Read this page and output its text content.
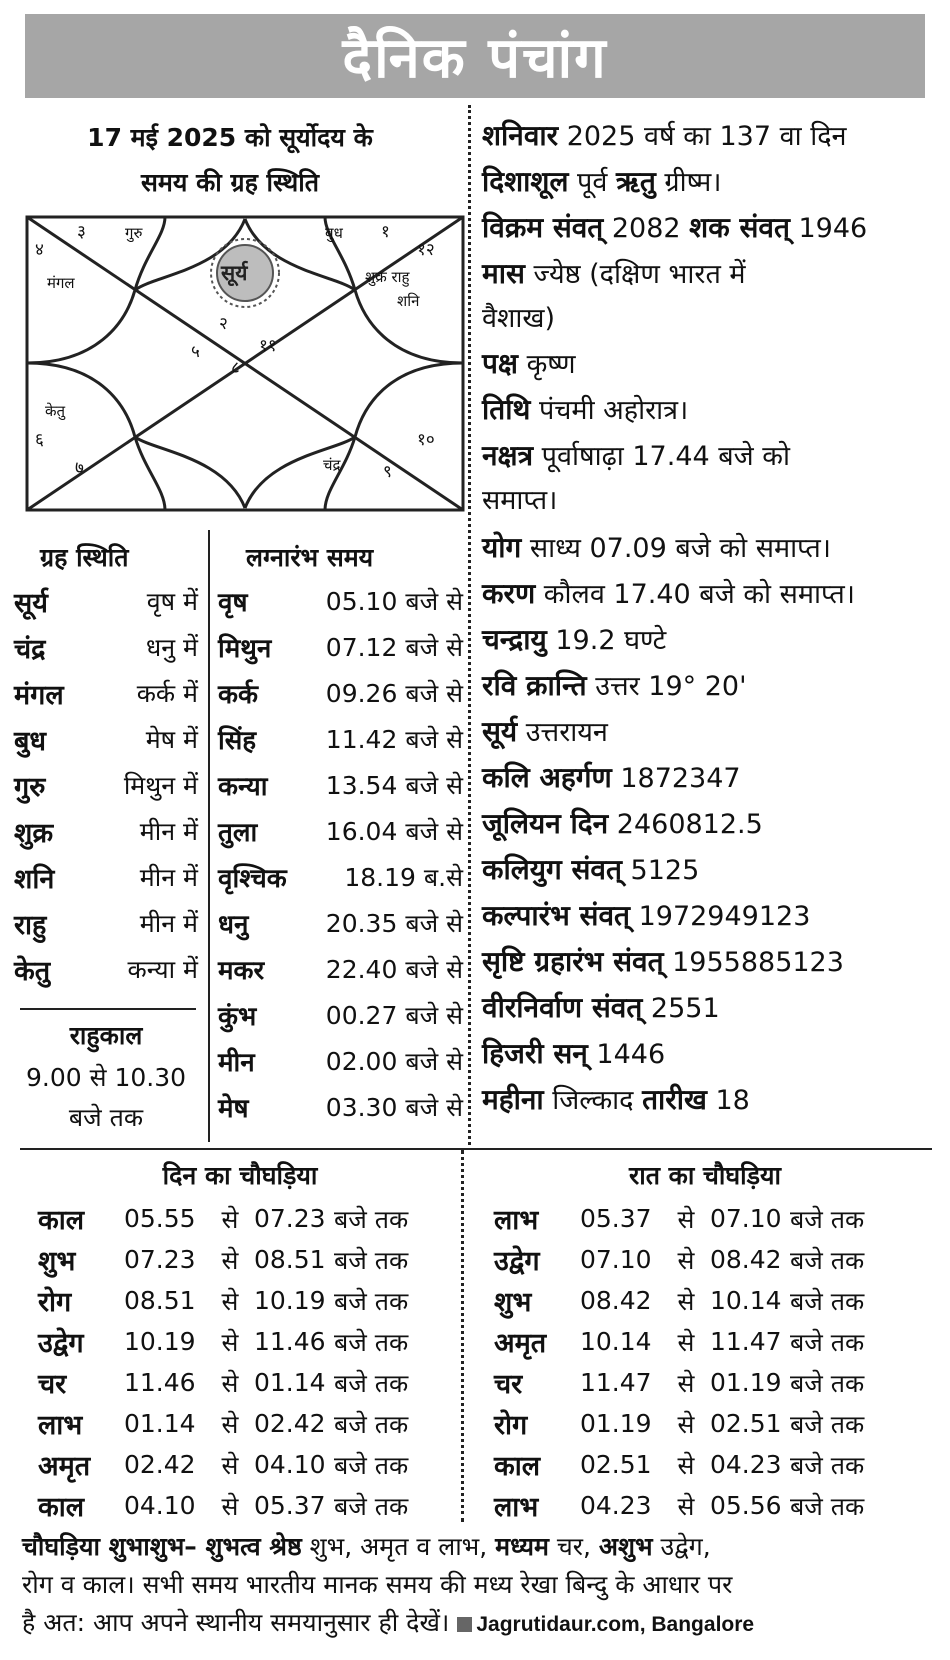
दैनिक पंचांग
17 मई 2025 को सूर्योदय के
समय की ग्रह स्थिति
सूर्य
३	गुरु	बुध १
४	१२
मंगल	शुक्र राहु
शनि
२
५	११
८
केतु
६	१०
७	चंद्र	९
ग्रह स्थिति
सूर्य	वृष में
चंद्र	धनु में
मंगल	कर्क में
बुध	मेष में
गुरु	मिथुन में
शुक्र	मीन में
शनि	मीन में
राहु	मीन में
केतु	कन्या में
राहुकाल
9.00 से 10.30
बजे तक
लग्नारंभ समय
वृष	05.10 बजे से
मिथुन	07.12 बजे से
कर्क	09.26 बजे से
सिंह	11.42 बजे से
कन्या	13.54 बजे से
तुला	16.04 बजे से
वृश्चिक	18.19 ब.से
धनु	20.35 बजे से
मकर	22.40 बजे से
कुंभ	00.27 बजे से
मीन	02.00 बजे से
मेष	03.30 बजे से
शनिवार 2025 वर्ष का 137 वा दिन
दिशाशूल पूर्व ऋतु ग्रीष्म।
विक्रम संवत् 2082 शक संवत् 1946
मास ज्येष्ठ (दक्षिण भारत में
वैशाख)
पक्ष कृष्ण
तिथि पंचमी अहोरात्र।
नक्षत्र पूर्वाषाढ़ा 17.44 बजे को
समाप्त।
योग साध्य 07.09 बजे को समाप्त।
करण कौलव 17.40 बजे को समाप्त।
चन्द्रायु 19.2 घण्टे
रवि क्रान्ति उत्तर 19° 20'
सूर्य उत्तरायन
कलि अहर्गण 1872347
जूलियन दिन 2460812.5
कलियुग संवत् 5125
कल्पारंभ संवत् 1972949123
सृष्टि ग्रहारंभ संवत् 1955885123
वीरनिर्वाण संवत् 2551
हिजरी सन् 1446
महीना जिल्काद तारीख 18
दिन का चौघड़िया	रात का चौघड़िया
काल	05.55	से 07.23 बजे तक
शुभ	07.23	से 08.51 बजे तक
रोग	08.51	से 10.19 बजे तक
उद्वेग	10.19	से 11.46 बजे तक
चर	11.46	से 01.14 बजे तक
लाभ	01.14	से 02.42 बजे तक
अमृत	02.42	से 04.10 बजे तक
काल	04.10	से 05.37 बजे तक
लाभ	05.37	से 07.10 बजे तक
उद्वेग	07.10	से 08.42 बजे तक
शुभ	08.42	से 10.14 बजे तक
अमृत	10.14	से 11.47 बजे तक
चर	11.47	से 01.19 बजे तक
रोग	01.19	से 02.51 बजे तक
काल	02.51	से 04.23 बजे तक
लाभ	04.23	से 05.56 बजे तक
चौघड़िया शुभाशुभ– शुभत्व श्रेष्ठ शुभ, अमृत व लाभ, मध्यम चर, अशुभ उद्वेग,
रोग व काल। सभी समय भारतीय मानक समय की मध्य रेखा बिन्दु के आधार पर
है अत: आप अपने स्थानीय समयानुसार ही देखें। Jagrutidaur.com, Bangalore
